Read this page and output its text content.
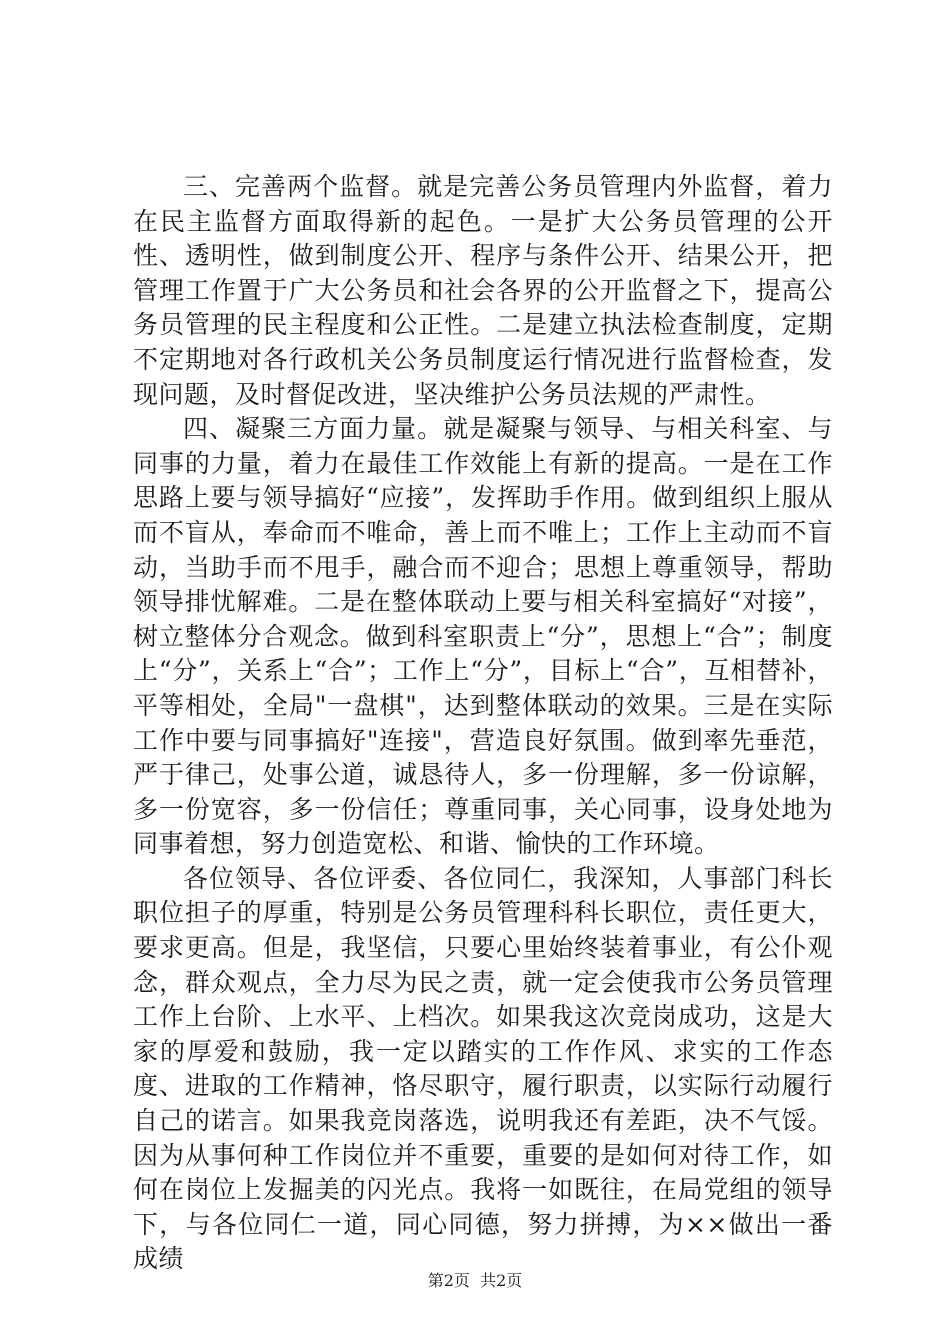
三、完善两个监督。就是完善公务员管理内外监督，着力在民主监督方面取得新的起色。一是扩大公务员管理的公开性、透明性，做到制度公开、程序与条件公开、结果公开，把管理工作置于广大公务员和社会各界的公开监督之下，提高公务员管理的民主程度和公正性。二是建立执法检查制度，定期不定期地对各行政机关公务员制度运行情况进行监督检查，发现问题，及时督促改进，坚决维护公务员法规的严肃性。

四、凝聚三方面力量。就是凝聚与领导、与相关科室、与同事的力量，着力在最佳工作效能上有新的提高。一是在工作思路上要与领导搞好“应接”，发挥助手作用。做到组织上服从而不盲从，奉命而不唯命，善上而不唯上；工作上主动而不盲动，当助手而不甩手，融合而不迎合；思想上尊重领导，帮助领导排忧解难。二是在整体联动上要与相关科室搞好“对接”，树立整体分合观念。做到科室职责上“分”，思想上“合”；制度上“分”，关系上“合”；工作上“分”，目标上“合”，互相替补，平等相处，全局"一盘棋"，达到整体联动的效果。三是在实际工作中要与同事搞好"连接"，营造良好氛围。做到率先垂范，严于律己，处事公道，诚恳待人，多一份理解，多一份谅解，多一份宽容，多一份信任；尊重同事，关心同事，设身处地为同事着想，努力创造宽松、和谐、愉快的工作环境。

各位领导、各位评委、各位同仁，我深知，人事部门科长职位担子的厚重，特别是公务员管理科科长职位，责任更大，要求更高。但是，我坚信，只要心里始终装着事业，有公仆观念，群众观点，全力尽为民之责，就一定会使我市公务员管理工作上台阶、上水平、上档次。如果我这次竞岗成功，这是大家的厚爱和鼓励，我一定以踏实的工作作风、求实的工作态度、进取的工作精神，恪尽职守，履行职责，以实际行动履行自己的诺言。如果我竞岗落选，说明我还有差距，决不气馁。因为从事何种工作岗位并不重要，重要的是如何对待工作，如何在岗位上发掘美的闪光点。我将一如既往，在局党组的领导下，与各位同仁一道，同心同德，努力拼搏，为××做出一番成绩

第2页  共2页
